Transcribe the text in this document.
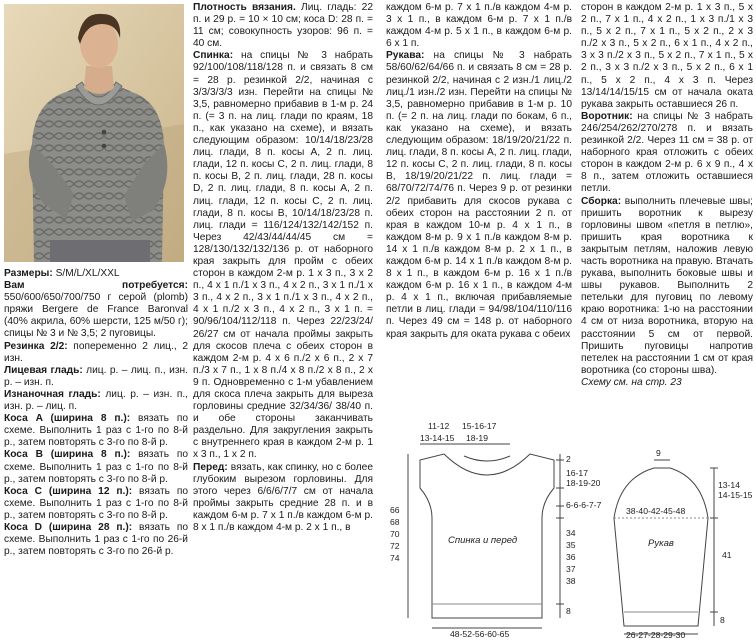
Размеры: S/M/L/XL/XXL

Вам потребуется: 550/600/650/700/750 г серой (plomb) пряжи Bergere de France Baronval (40% акрила, 60% шерсти, 125 м/50 г); спицы № 3 и № 3,5; 2 пуговицы.

Резинка 2/2: попеременно 2 лиц., 2 изн.

Лицевая гладь: лиц. р. – лиц. п., изн. р. – изн. п.

Изнаночная гладь: лиц. р. – изн. п., изн. р. – лиц. п.

Коса A (ширина 8 п.): вязать по схеме. Выполнить 1 раз с 1-го по 8-й р., затем повторять с 3-го по 8-й р.

Коса B (ширина 8 п.): вязать по схеме. Выполнить 1 раз с 1-го по 8-й р., затем повторять с 3-го по 8-й р.

Коса C (ширина 12 п.): вязать по схеме. Выполнить 1 раз с 1-го по 8-й р., затем повторять с 3-го по 8-й р.

Коса D (ширина 28 п.): вязать по схеме. Выполнить 1 раз с 1-го по 26-й р., затем повторять с 3-го по 26-й р.

Плотность вязания. Лиц. гладь: 22 п. и 29 р. = 10 × 10 см; коса D: 28 п. = 11 см; совокупность узоров: 96 п. = 40 см.

Спинка: на спицы № 3 набрать 92/100/108/118/128 п. и связать 8 см = 28 р. резинкой 2/2, начиная с 3/3/3/3/3 изн. Перейти на спицы № 3,5, равномерно прибавив в 1-м р. 24 п. (= 3 п. на лиц. глади по краям, 18 п., как указано на схеме), и вязать следующим образом: 10/14/18/23/28 лиц. глади, 8 п. косы A, 2 п. лиц. глади, 12 п. косы C, 2 п. лиц. глади, 8 п. косы B, 2 п. лиц. глади, 28 п. косы D, 2 п. лиц. глади, 8 п. косы A, 2 п. лиц. глади, 12 п. косы C, 2 п. лиц. глади, 8 п. косы B, 10/14/18/23/28 п. лиц. глади = 116/124/132/142/152 п. Через 42/43/44/44/45 см = 128/130/132/132/136 р. от наборного края закрыть для пройм с обеих сторон в каждом 2-м р. 1 х 3 п., 3 х 2 п., 4 х 1 п./1 х 3 п., 4 х 2 п., 3 х 1 п./1 х 3 п., 4 х 2 п., 3 х 1 п./1 х 3 п., 4 х 2 п., 4 х 1 п./2 х 3 п., 4 х 2 п., 3 х 1 п. = 90/96/104/112/118 п. Через 22/23/24/ 26/27 см от начала проймы закрыть для скосов плеча с обеих сторон в каждом 2-м р. 4 х 6 п./2 х 6 п., 2 х 7 п./3 х 7 п., 1 х 8 п./4 х 8 п./2 х 8 п., 2 х 9 п. Одновременно с 1-м убавлением для скоса плеча закрыть для выреза горловины средние 32/34/36/ 38/40 п. и обе стороны заканчивать раздельно. Для закругления закрыть с внутреннего края в каждом 2-м р. 1 х 3 п., 1 х 2 п.

Перед: вязать, как спинку, но с более глубоким вырезом горловины. Для этого через 6/6/6/7/7 см от начала проймы закрыть средние 28 п. и в каждом 6-м р. 7 х 1 п./в каждом 6-м р. 8 х 1 п./в каждом 4-м р. 2 х 1 п., в

каждом 6-м р. 7 х 1 п./в каждом 4-м р. 3 х 1 п., в каждом 6-м р. 7 х 1 п./в каждом 4-м р. 5 х 1 п., в каждом 6-м р. 6 х 1 п.

Рукава: на спицы № 3 набрать 58/60/62/64/66 п. и связать 8 см = 28 р. резинкой 2/2, начиная с 2 изн./1 лиц./2 лиц./1 изн./2 изн. Перейти на спицы № 3,5, равномерно прибавив в 1-м р. 10 п. (= 2 п. на лиц. глади по бокам, 6 п., как указано на схеме), и вязать следующим образом: 18/19/20/21/22 п. лиц. глади, 8 п. косы A, 2 п. лиц. глади, 12 п. косы C, 2 п. лиц. глади, 8 п. косы B, 18/19/20/21/22 п. лиц. глади = 68/70/72/74/76 п. Через 9 р. от резинки 2/2 прибавить для скосов рукава с обеих сторон на расстоянии 2 п. от края в каждом 10-м р. 4 х 1 п., в каждом 8-м р. 9 х 1 п./в каждом 8-м р. 14 х 1 п./в каждом 8-м р. 2 х 1 п., в каждом 6-м р. 14 х 1 п./в каждом 8-м р. 8 х 1 п., в каждом 6-м р. 16 х 1 п./в каждом 6-м р. 16 х 1 п., в каждом 4-м р. 4 х 1 п., включая прибавляемые петли в лиц. глади = 94/98/104/110/116 п. Через 49 см = 148 р. от наборного края закрыть для оката рукава с обеих

сторон в каждом 2-м р. 1 х 3 п., 5 х 2 п., 7 х 1 п., 4 х 2 п., 1 х 3 п./1 х 3 п., 5 х 2 п., 7 х 1 п., 5 х 2 п., 2 х 3 п./2 х 3 п., 5 х 2 п., 6 х 1 п., 4 х 2 п., 3 х 3 п./2 х 3 п., 5 х 2 п., 7 х 1 п., 5 х 2 п., 3 х 3 п./2 х 3 п., 5 х 2 п., 6 х 1 п., 5 х 2 п., 4 х 3 п. Через 13/14/14/15/15 см от начала оката рукава закрыть оставшиеся 26 п.

Воротник: на спицы № 3 набрать 246/254/262/270/278 п. и вязать резинкой 2/2. Через 11 см = 38 р. от наборного края отложить с обеих сторон в каждом 2-м р. 6 х 9 п., 4 х 8 п., затем отложить оставшиеся петли.

Сборка: выполнить плечевые швы; пришить воротник к вырезу горловины швом «петля в петлю», пришить края воротника к закрытым петлям, наложив левую часть воротника на правую. Втачать рукава, выполнить боковые швы и швы рукавов. Выполнить 2 петельки для пуговиц по левому краю воротника: 1-ю на расстоянии 4 см от низа воротника, вторую на расстоянии 5 см от первой. Пришить пуговицы напротив петелек на расстоянии 1 см от края воротника (со стороны шва).

Схему см. на стр. 23

11-12
13-14-15
15-16-17
18-19
2
16-17
18-19-20
6-6-6-7-7
34
35
36
37
38
8
66
68
70
72
74
Спинка и перед
48-52-56-60-65
9
13-14
14-15-15
41
8
38-40-42-45-48
Рукав
26-27-28-29-30
